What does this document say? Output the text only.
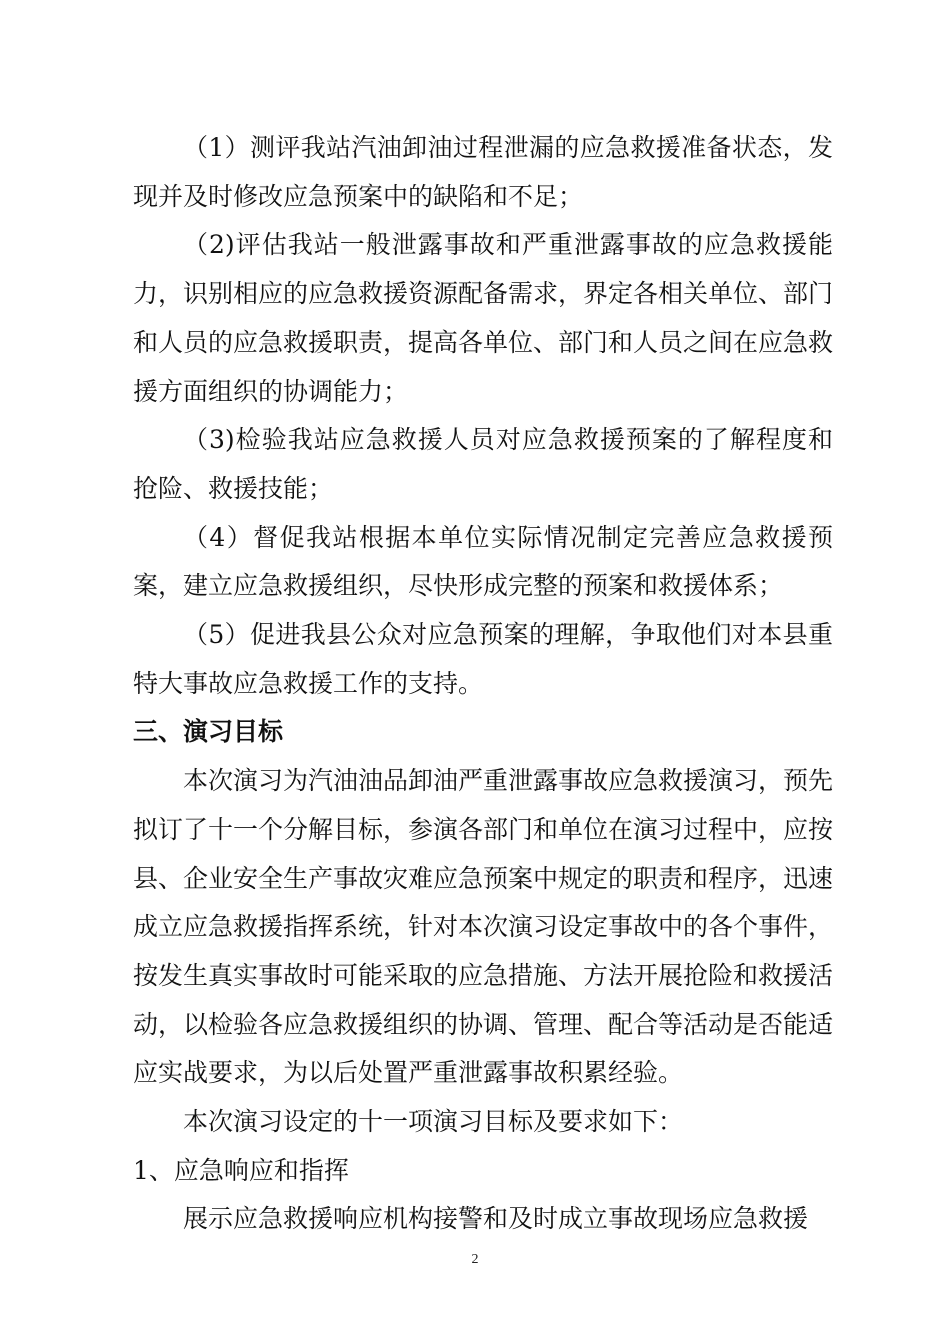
（1）测评我站汽油卸油过程泄漏的应急救援准备状态，发现并及时修改应急预案中的缺陷和不足；

（2)评估我站一般泄露事故和严重泄露事故的应急救援能力，识别相应的应急救援资源配备需求，界定各相关单位、部门和人员的应急救援职责，提高各单位、部门和人员之间在应急救援方面组织的协调能力；

（3)检验我站应急救援人员对应急救援预案的了解程度和抢险、救援技能；

（4）督促我站根据本单位实际情况制定完善应急救援预案，建立应急救援组织，尽快形成完整的预案和救援体系；

（5）促进我县公众对应急预案的理解，争取他们对本县重特大事故应急救援工作的支持。

三、演习目标

本次演习为汽油油品卸油严重泄露事故应急救援演习，预先拟订了十一个分解目标，参演各部门和单位在演习过程中，应按县、企业安全生产事故灾难应急预案中规定的职责和程序，迅速成立应急救援指挥系统，针对本次演习设定事故中的各个事件，按发生真实事故时可能采取的应急措施、方法开展抢险和救援活动，以检验各应急救援组织的协调、管理、配合等活动是否能适应实战要求，为以后处置严重泄露事故积累经验。

本次演习设定的十一项演习目标及要求如下：

1、应急响应和指挥

展示应急救援响应机构接警和及时成立事故现场应急救援

2
